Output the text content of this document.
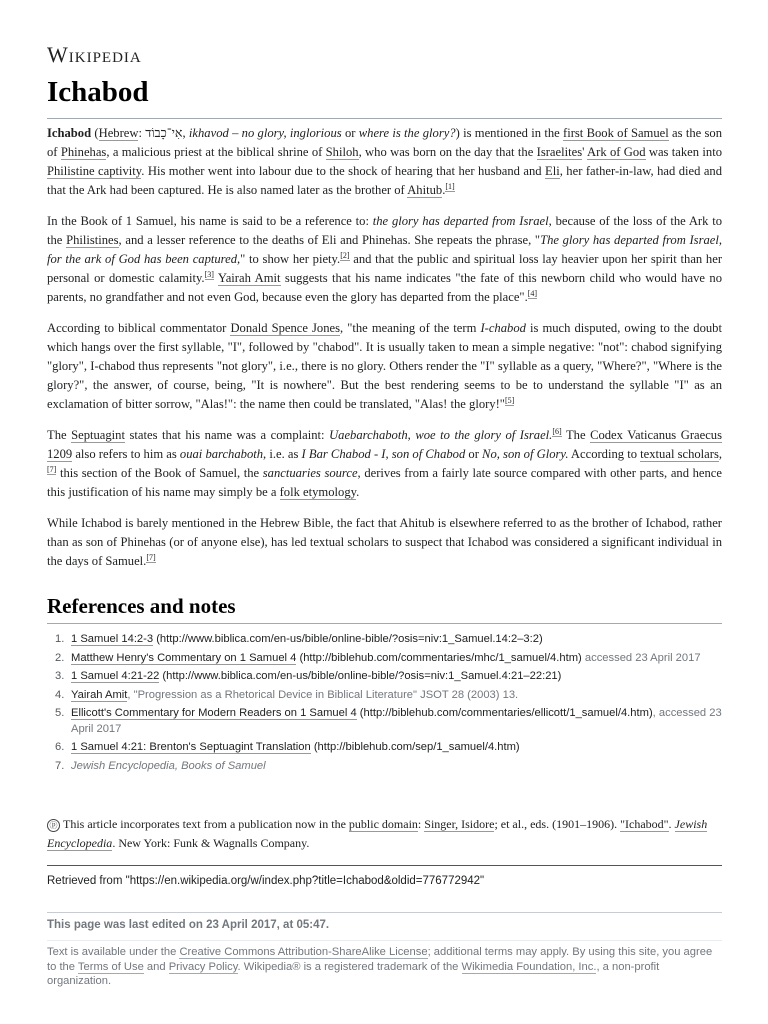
Wikipedia
Ichabod

Ichabod (Hebrew: אִי־כָבוֹד, ikhavod – no glory, inglorious or where is the glory?) is mentioned in the first Book of Samuel as the son of Phinehas, a malicious priest at the biblical shrine of Shiloh, who was born on the day that the Israelites' Ark of God was taken into Philistine captivity. His mother went into labour due to the shock of hearing that her husband and Eli, her father-in-law, had died and that the Ark had been captured. He is also named later as the brother of Ahitub.[1]

In the Book of 1 Samuel, his name is said to be a reference to: the glory has departed from Israel, because of the loss of the Ark to the Philistines, and a lesser reference to the deaths of Eli and Phinehas. She repeats the phrase, "The glory has departed from Israel, for the ark of God has been captured," to show her piety.[2] and that the public and spiritual loss lay heavier upon her spirit than her personal or domestic calamity.[3] Yairah Amit suggests that his name indicates "the fate of this newborn child who would have no parents, no grandfather and not even God, because even the glory has departed from the place".[4]

According to biblical commentator Donald Spence Jones, "the meaning of the term I-chabod is much disputed, owing to the doubt which hangs over the first syllable, "I", followed by "chabod". It is usually taken to mean a simple negative: "not": chabod signifying "glory", I-chabod thus represents "not glory", i.e., there is no glory. Others render the "I" syllable as a query, "Where?", "Where is the glory?", the answer, of course, being, "It is nowhere". But the best rendering seems to be to understand the syllable "I" as an exclamation of bitter sorrow, "Alas!": the name then could be translated, "Alas! the glory!"[5]

The Septuagint states that his name was a complaint: Uaebarchaboth, woe to the glory of Israel.[6] The Codex Vaticanus Graecus 1209 also refers to him as ouai barchaboth, i.e. as I Bar Chabod - I, son of Chabod or No, son of Glory. According to textual scholars,[7] this section of the Book of Samuel, the sanctuaries source, derives from a fairly late source compared with other parts, and hence this justification of his name may simply be a folk etymology.

While Ichabod is barely mentioned in the Hebrew Bible, the fact that Ahitub is elsewhere referred to as the brother of Ichabod, rather than as son of Phinehas (or of anyone else), has led textual scholars to suspect that Ichabod was considered a significant individual in the days of Samuel.[7]

References and notes
1. 1 Samuel 14:2-3 (http://www.biblica.com/en-us/bible/online-bible/?osis=niv:1_Samuel.14:2–3:2)
2. Matthew Henry's Commentary on 1 Samuel 4 (http://biblehub.com/commentaries/mhc/1_samuel/4.htm) accessed 23 April 2017
3. 1 Samuel 4:21-22 (http://www.biblica.com/en-us/bible/online-bible/?osis=niv:1_Samuel.4:21–22:21)
4. Yairah Amit, "Progression as a Rhetorical Device in Biblical Literature" JSOT 28 (2003) 13.
5. Ellicott's Commentary for Modern Readers on 1 Samuel 4 (http://biblehub.com/commentaries/ellicott/1_samuel/4.htm), accessed 23 April 2017
6. 1 Samuel 4:21: Brenton's Septuagint Translation (http://biblehub.com/sep/1_samuel/4.htm)
7. Jewish Encyclopedia, Books of Samuel
ⓟ This article incorporates text from a publication now in the public domain: Singer, Isidore; et al., eds. (1901–1906). "Ichabod". Jewish Encyclopedia. New York: Funk & Wagnalls Company.
Retrieved from "https://en.wikipedia.org/w/index.php?title=Ichabod&oldid=776772942"
This page was last edited on 23 April 2017, at 05:47.
Text is available under the Creative Commons Attribution-ShareAlike License; additional terms may apply. By using this site, you agree to the Terms of Use and Privacy Policy. Wikipedia® is a registered trademark of the Wikimedia Foundation, Inc., a non-profit organization.
